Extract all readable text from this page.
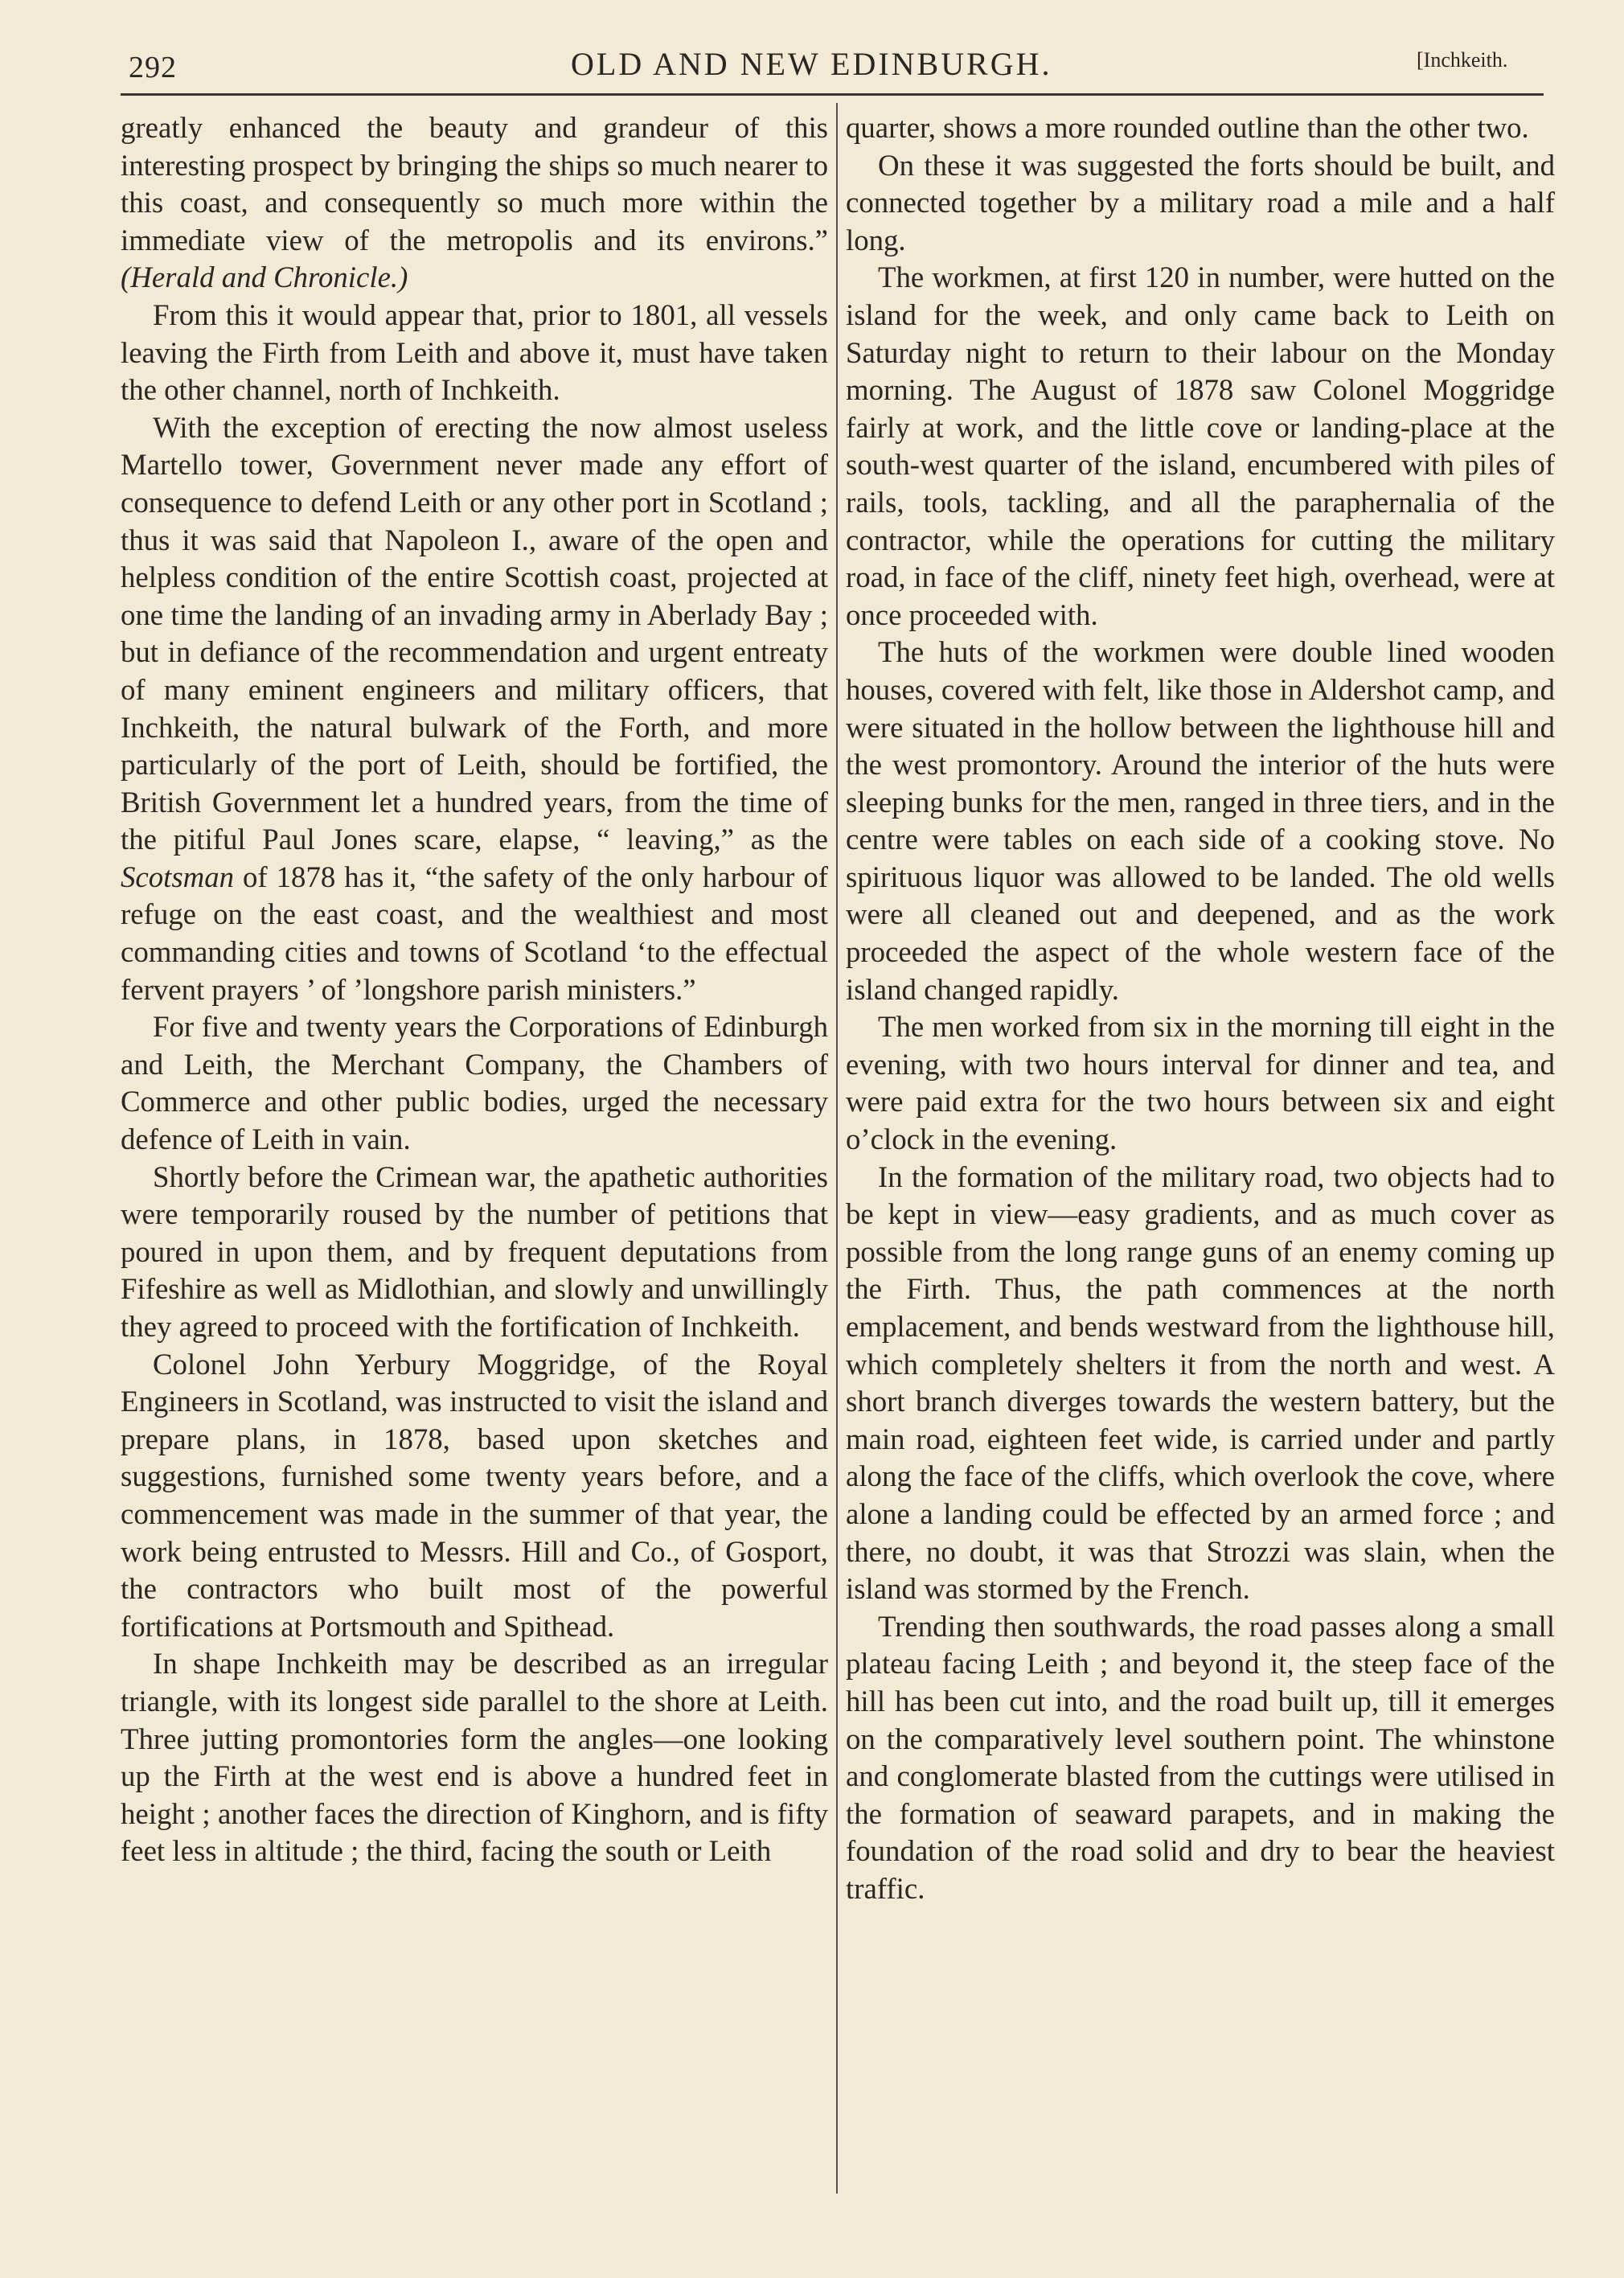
292	OLD AND NEW EDINBURGH.	[Inchkeith.

greatly enhanced the beauty and grandeur of this interesting prospect by bringing the ships so much nearer to this coast, and consequently so much more within the immediate view of the metropolis and its environs.” (Herald and Chronicle.)

From this it would appear that, prior to 1801, all vessels leaving the Firth from Leith and above it, must have taken the other channel, north of Inchkeith.

With the exception of erecting the now almost useless Martello tower, Government never made any effort of consequence to defend Leith or any other port in Scotland ; thus it was said that Napoleon I., aware of the open and helpless condition of the entire Scottish coast, projected at one time the landing of an invading army in Aberlady Bay ; but in defiance of the recommendation and urgent entreaty of many eminent engineers and military officers, that Inchkeith, the natural bulwark of the Forth, and more particularly of the port of Leith, should be fortified, the British Government let a hundred years, from the time of the pitiful Paul Jones scare, elapse, “ leaving,” as the Scotsman of 1878 has it, “the safety of the only harbour of refuge on the east coast, and the wealthiest and most commanding cities and towns of Scotland ‘to the effectual fervent prayers ’ of ’longshore parish ministers.”

For five and twenty years the Corporations of Edinburgh and Leith, the Merchant Company, the Chambers of Commerce and other public bodies, urged the necessary defence of Leith in vain.

Shortly before the Crimean war, the apathetic authorities were temporarily roused by the number of petitions that poured in upon them, and by frequent deputations from Fifeshire as well as Midlothian, and slowly and unwillingly they agreed to proceed with the fortification of Inchkeith.

Colonel John Yerbury Moggridge, of the Royal Engineers in Scotland, was instructed to visit the island and prepare plans, in 1878, based upon sketches and suggestions, furnished some twenty years before, and a commencement was made in the summer of that year, the work being entrusted to Messrs. Hill and Co., of Gosport, the contractors who built most of the powerful fortifications at Portsmouth and Spithead.

In shape Inchkeith may be described as an irregular triangle, with its longest side parallel to the shore at Leith. Three jutting promontories form the angles—one looking up the Firth at the west end is above a hundred feet in height ; another faces the direction of Kinghorn, and is fifty feet less in altitude ; the third, facing the south or Leith

quarter, shows a more rounded outline than the other two.

On these it was suggested the forts should be built, and connected together by a military road a mile and a half long.

The workmen, at first 120 in number, were hutted on the island for the week, and only came back to Leith on Saturday night to return to their labour on the Monday morning. The August of 1878 saw Colonel Moggridge fairly at work, and the little cove or landing-place at the south-west quarter of the island, encumbered with piles of rails, tools, tackling, and all the paraphernalia of the contractor, while the operations for cutting the military road, in face of the cliff, ninety feet high, overhead, were at once proceeded with.

The huts of the workmen were double lined wooden houses, covered with felt, like those in Aldershot camp, and were situated in the hollow between the lighthouse hill and the west promontory. Around the interior of the huts were sleeping bunks for the men, ranged in three tiers, and in the centre were tables on each side of a cooking stove. No spirituous liquor was allowed to be landed. The old wells were all cleaned out and deepened, and as the work proceeded the aspect of the whole western face of the island changed rapidly.

The men worked from six in the morning till eight in the evening, with two hours interval for dinner and tea, and were paid extra for the two hours between six and eight o’clock in the evening.

In the formation of the military road, two objects had to be kept in view—easy gradients, and as much cover as possible from the long range guns of an enemy coming up the Firth. Thus, the path commences at the north emplacement, and bends westward from the lighthouse hill, which completely shelters it from the north and west. A short branch diverges towards the western battery, but the main road, eighteen feet wide, is carried under and partly along the face of the cliffs, which overlook the cove, where alone a landing could be effected by an armed force ; and there, no doubt, it was that Strozzi was slain, when the island was stormed by the French.

Trending then southwards, the road passes along a small plateau facing Leith ; and beyond it, the steep face of the hill has been cut into, and the road built up, till it emerges on the comparatively level southern point. The whinstone and conglomerate blasted from the cuttings were utilised in the formation of seaward parapets, and in making the foundation of the road solid and dry to bear the heaviest traffic.
